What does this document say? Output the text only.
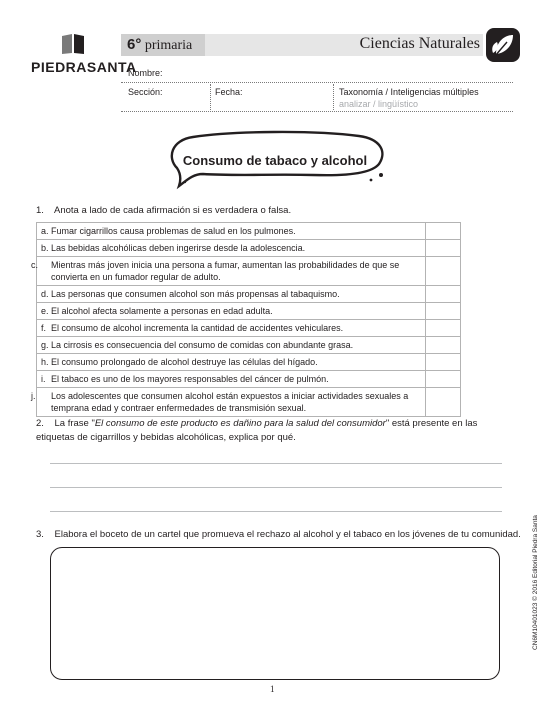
PIEDRASANTA
6° primaria	Ciencias Naturales
Nombre:
Sección:	Fecha:	Taxonomía / Inteligencias múltiples
analizar / lingüístico
Consumo de tabaco y alcohol
1. Anota a lado de cada afirmación si es verdadera o falsa.
a. Fumar cigarrillos causa problemas de salud en los pulmones.	
b. Las bebidas alcohólicas deben ingerirse desde la adolescencia.	

c. Mientras más joven inicia una persona a fumar, aumentan las probabilidades de que se convierta en un fumador regular de adulto.	

d. Las personas que consumen alcohol son más propensas al tabaquismo.	
e. El alcohol afecta solamente a personas en edad adulta.	
f. El consumo de alcohol incrementa la cantidad de accidentes vehiculares.	
g. La cirrosis es consecuencia del consumo de comidas con abundante grasa.	
h. El consumo prolongado de alcohol destruye las células del hígado.	
i. El tabaco es uno de los mayores responsables del cáncer de pulmón.	

j. Los adolescentes que consumen alcohol están expuestos a iniciar actividades sexuales a temprana edad y contraer enfermedades de transmisión sexual.	

2. La frase "El consumo de este producto es dañino para la salud del consumidor" está presente en las etiquetas de cigarrillos y bebidas alcohólicas, explica por qué.
3. Elabora el boceto de un cartel que promueva el rechazo al alcohol y el tabaco en los jóvenes de tu comunidad. CN6M10401023 © 2016 Editorial Piedra Santa
1
